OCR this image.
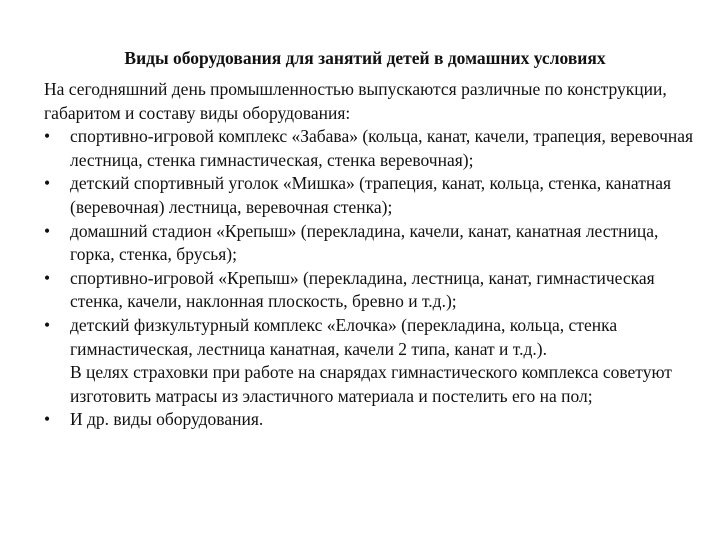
Виды оборудования для занятий детей в домашних условиях

На сегодняшний день промышленностью выпускаются различные по конструкции, габаритом и составу виды оборудования:

•	спортивно-игровой комплекс «Забава» (кольца, канат, качели, трапеция, веревочная лестница, стенка гимнастическая, стенка веревочная);
•	детский спортивный уголок «Мишка» (трапеция, канат, кольца, стенка, канатная (веревочная) лестница, веревочная стенка);
•	домашний стадион «Крепыш» (перекладина, качели, канат, канатная лестница, горка, стенка, брусья);
•	спортивно-игровой «Крепыш» (перекладина, лестница, канат, гимнастическая стенка, качели, наклонная плоскость, бревно и т.д.);
•	детский физкультурный комплекс «Елочка» (перекладина, кольца, стенка гимнастическая, лестница канатная, качели 2 типа, канат и т.д.).
В целях страховки при работе на снарядах гимнастического комплекса советуют изготовить матрасы из эластичного материала и постелить его на пол;
•	И др. виды оборудования.
